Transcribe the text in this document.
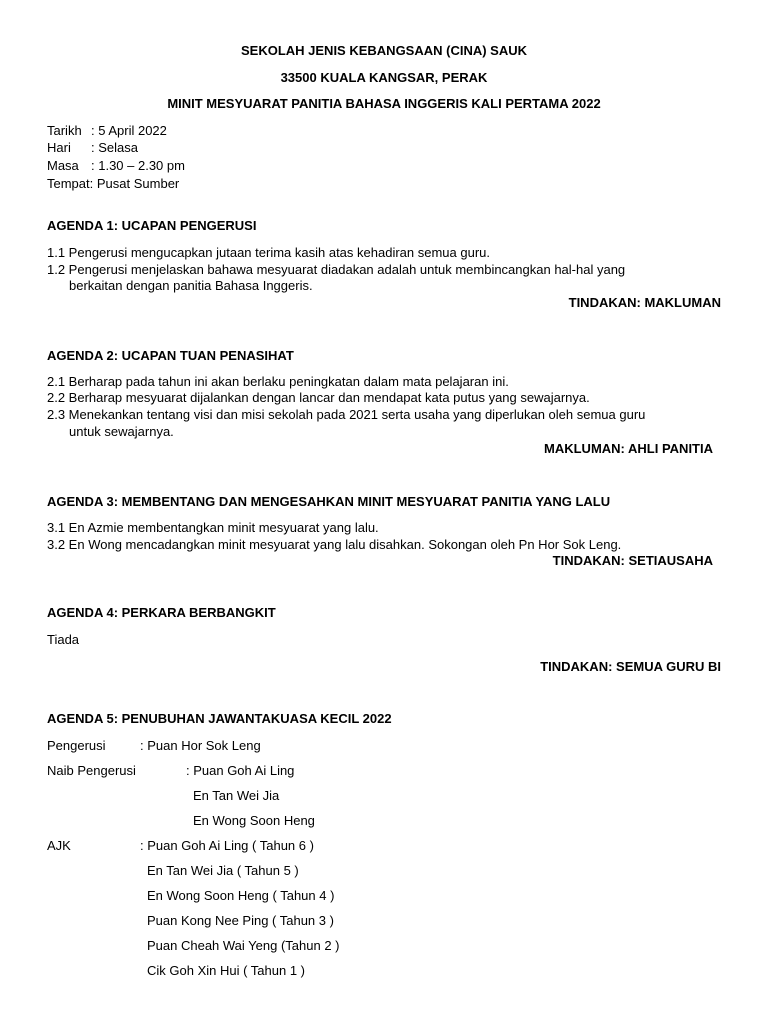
SEKOLAH JENIS KEBANGSAAN (CINA) SAUK
33500 KUALA KANGSAR, PERAK
MINIT MESYUARAT PANITIA BAHASA INGGERIS KALI PERTAMA 2022
Tarikh : 5 April 2022
Hari : Selasa
Masa : 1.30 – 2.30 pm
Tempat: Pusat Sumber
AGENDA 1: UCAPAN PENGERUSI
1.1 Pengerusi mengucapkan jutaan terima kasih atas kehadiran semua guru.
1.2 Pengerusi menjelaskan bahawa mesyuarat diadakan adalah untuk membincangkan hal-hal yang
berkaitan dengan panitia Bahasa Inggeris.
TINDAKAN: MAKLUMAN
AGENDA 2: UCAPAN TUAN PENASIHAT
2.1 Berharap pada tahun ini akan berlaku peningkatan dalam mata pelajaran ini.
2.2 Berharap mesyuarat dijalankan dengan lancar dan mendapat kata putus yang sewajarnya.
2.3 Menekankan tentang visi dan misi sekolah pada 2021 serta usaha yang diperlukan oleh semua guru
untuk sewajarnya.
MAKLUMAN: AHLI PANITIA
AGENDA 3: MEMBENTANG DAN MENGESAHKAN MINIT MESYUARAT PANITIA YANG LALU
3.1 En Azmie membentangkan minit mesyuarat yang lalu.
3.2 En Wong mencadangkan minit mesyuarat yang lalu disahkan. Sokongan oleh Pn Hor Sok Leng.
TINDAKAN: SETIAUSAHA
AGENDA 4: PERKARA BERBANGKIT
Tiada
TINDAKAN: SEMUA GURU BI
AGENDA 5: PENUBUHAN JAWANTAKUASA KECIL 2022
Pengerusi	: Puan Hor Sok Leng
Naib Pengerusi	: Puan Goh Ai Ling
En Tan Wei Jia
En Wong Soon Heng
AJK	: Puan Goh Ai Ling ( Tahun 6 )
En Tan Wei Jia ( Tahun 5 )
En Wong Soon Heng ( Tahun 4 )
Puan Kong Nee Ping ( Tahun 3 )
Puan Cheah Wai Yeng (Tahun 2 )
Cik Goh Xin Hui ( Tahun 1 )
